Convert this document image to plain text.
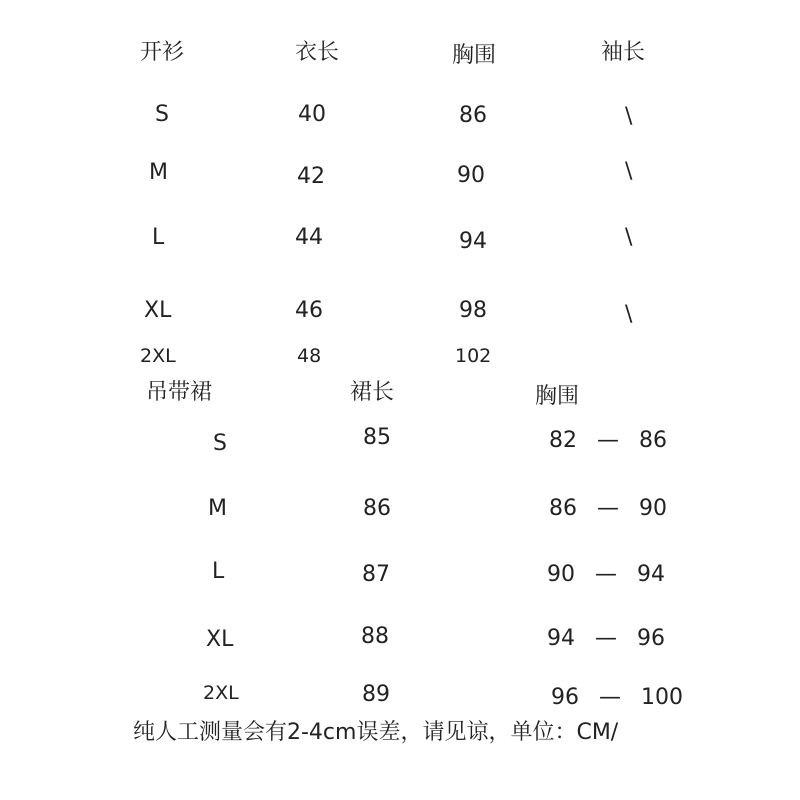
开衫	衣长	胸围	袖长
S	40	86	\
M	42	90	\
L	44	94	\
XL	46	98	\
2XL	48	102
吊带裙	裙长	胸围
S	85	82 — 86
M	86	86 — 90
L	87	90 — 94
XL	88	94 — 96
2XL	89	96 — 100
纯人工测量会有2-4cm误差，请见谅，单位：CM/
